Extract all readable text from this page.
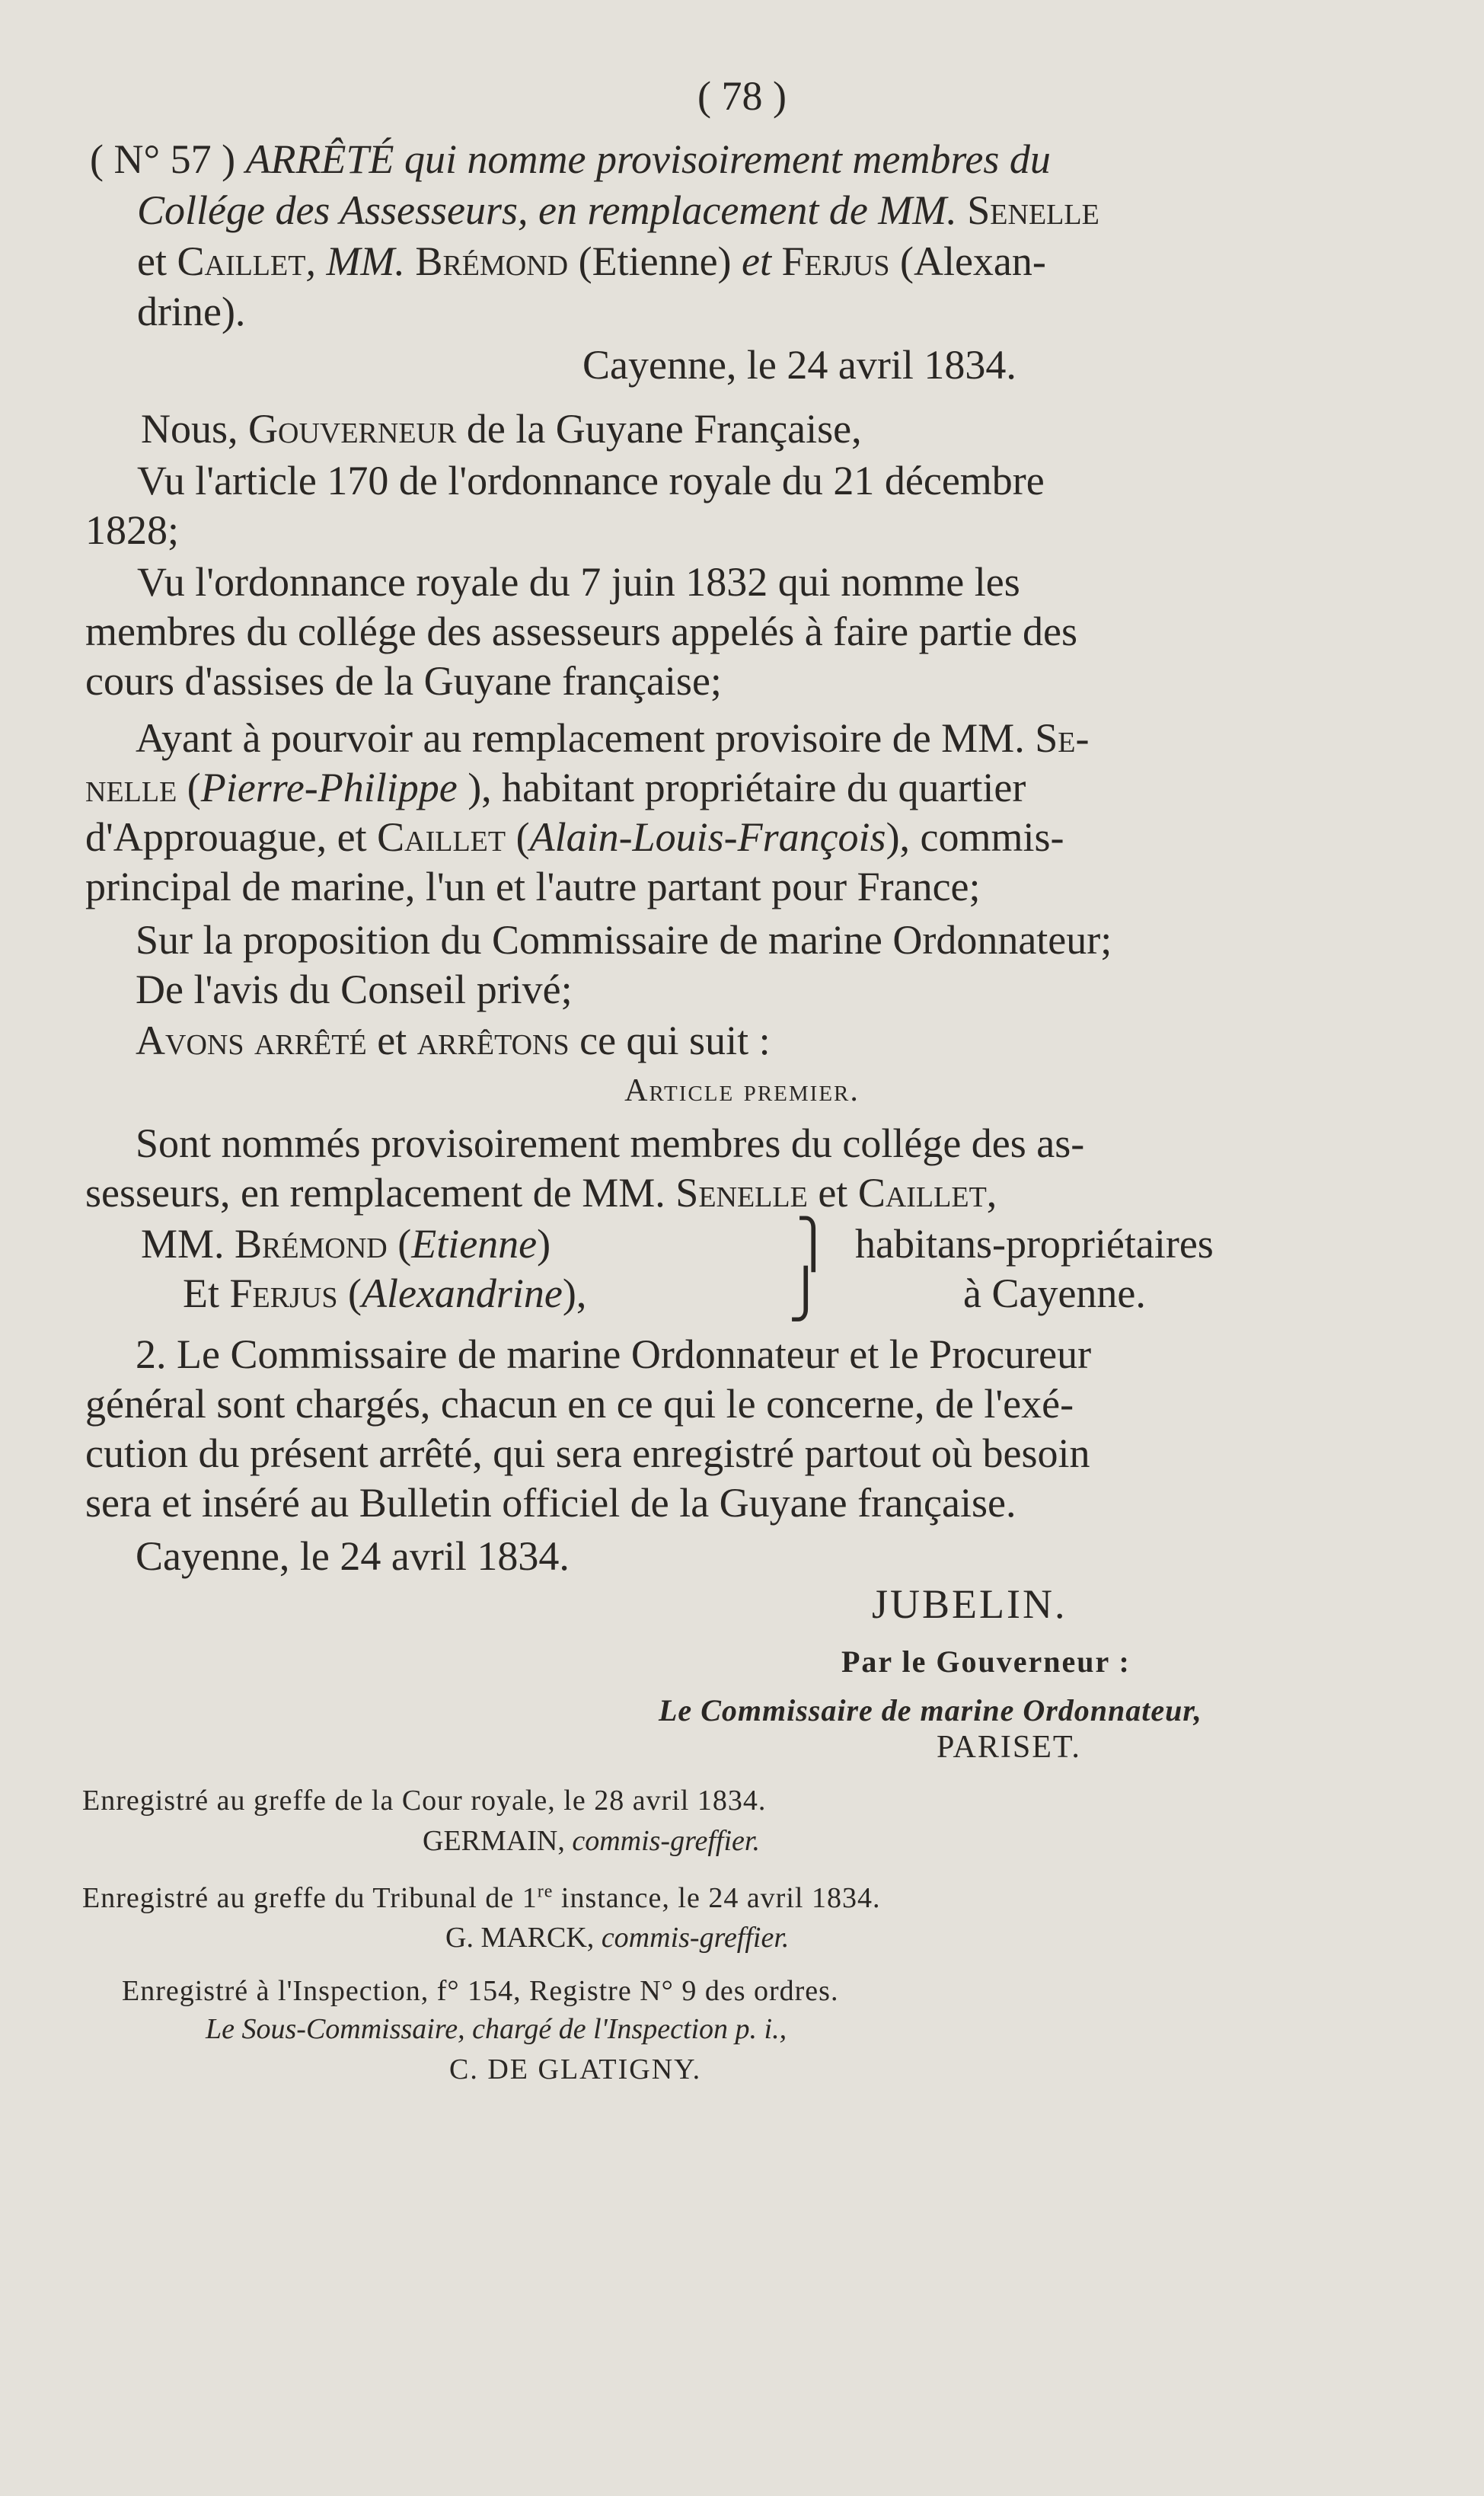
( 78 )
( N° 57 ) ARRÊTÉ qui nomme provisoirement membres du
Collége des Assesseurs, en remplacement de MM. Senelle
et Caillet, MM. Brémond (Etienne) et Ferjus (Alexan-
drine).
Cayenne, le 24 avril 1834.
Nous, Gouverneur de la Guyane Française,
Vu l'article 170 de l'ordonnance royale du 21 décembre
1828;
Vu l'ordonnance royale du 7 juin 1832 qui nomme les
membres du collége des assesseurs appelés à faire partie des
cours d'assises de la Guyane française;
Ayant à pourvoir au remplacement provisoire de MM. Se-
nelle (Pierre-Philippe ), habitant propriétaire du quartier
d'Approuague, et Caillet (Alain-Louis-François), commis-
principal de marine, l'un et l'autre partant pour France;
Sur la proposition du Commissaire de marine Ordonnateur;
De l'avis du Conseil privé;
Avons arrêté et arrêtons ce qui suit :
Article premier.
Sont nommés provisoirement membres du collége des as-
sesseurs, en remplacement de MM. Senelle et Caillet,
MM. Brémond (Etienne)	⎫ habitans-propriétaires
Et Ferjus (Alexandrine),	⎭	à Cayenne.
2. Le Commissaire de marine Ordonnateur et le Procureur
général sont chargés, chacun en ce qui le concerne, de l'exé-
cution du présent arrêté, qui sera enregistré partout où besoin
sera et inséré au Bulletin officiel de la Guyane française.
Cayenne, le 24 avril 1834.
JUBELIN.
Par le Gouverneur :
Le Commissaire de marine Ordonnateur,
PARISET.
Enregistré au greffe de la Cour royale, le 28 avril 1834.
GERMAIN, commis-greffier.
Enregistré au greffe du Tribunal de 1re instance, le 24 avril 1834.
G. MARCK, commis-greffier.
Enregistré à l'Inspection, f° 154, Registre N° 9 des ordres.
Le Sous-Commissaire, chargé de l'Inspection p. i.,
C. DE GLATIGNY.
